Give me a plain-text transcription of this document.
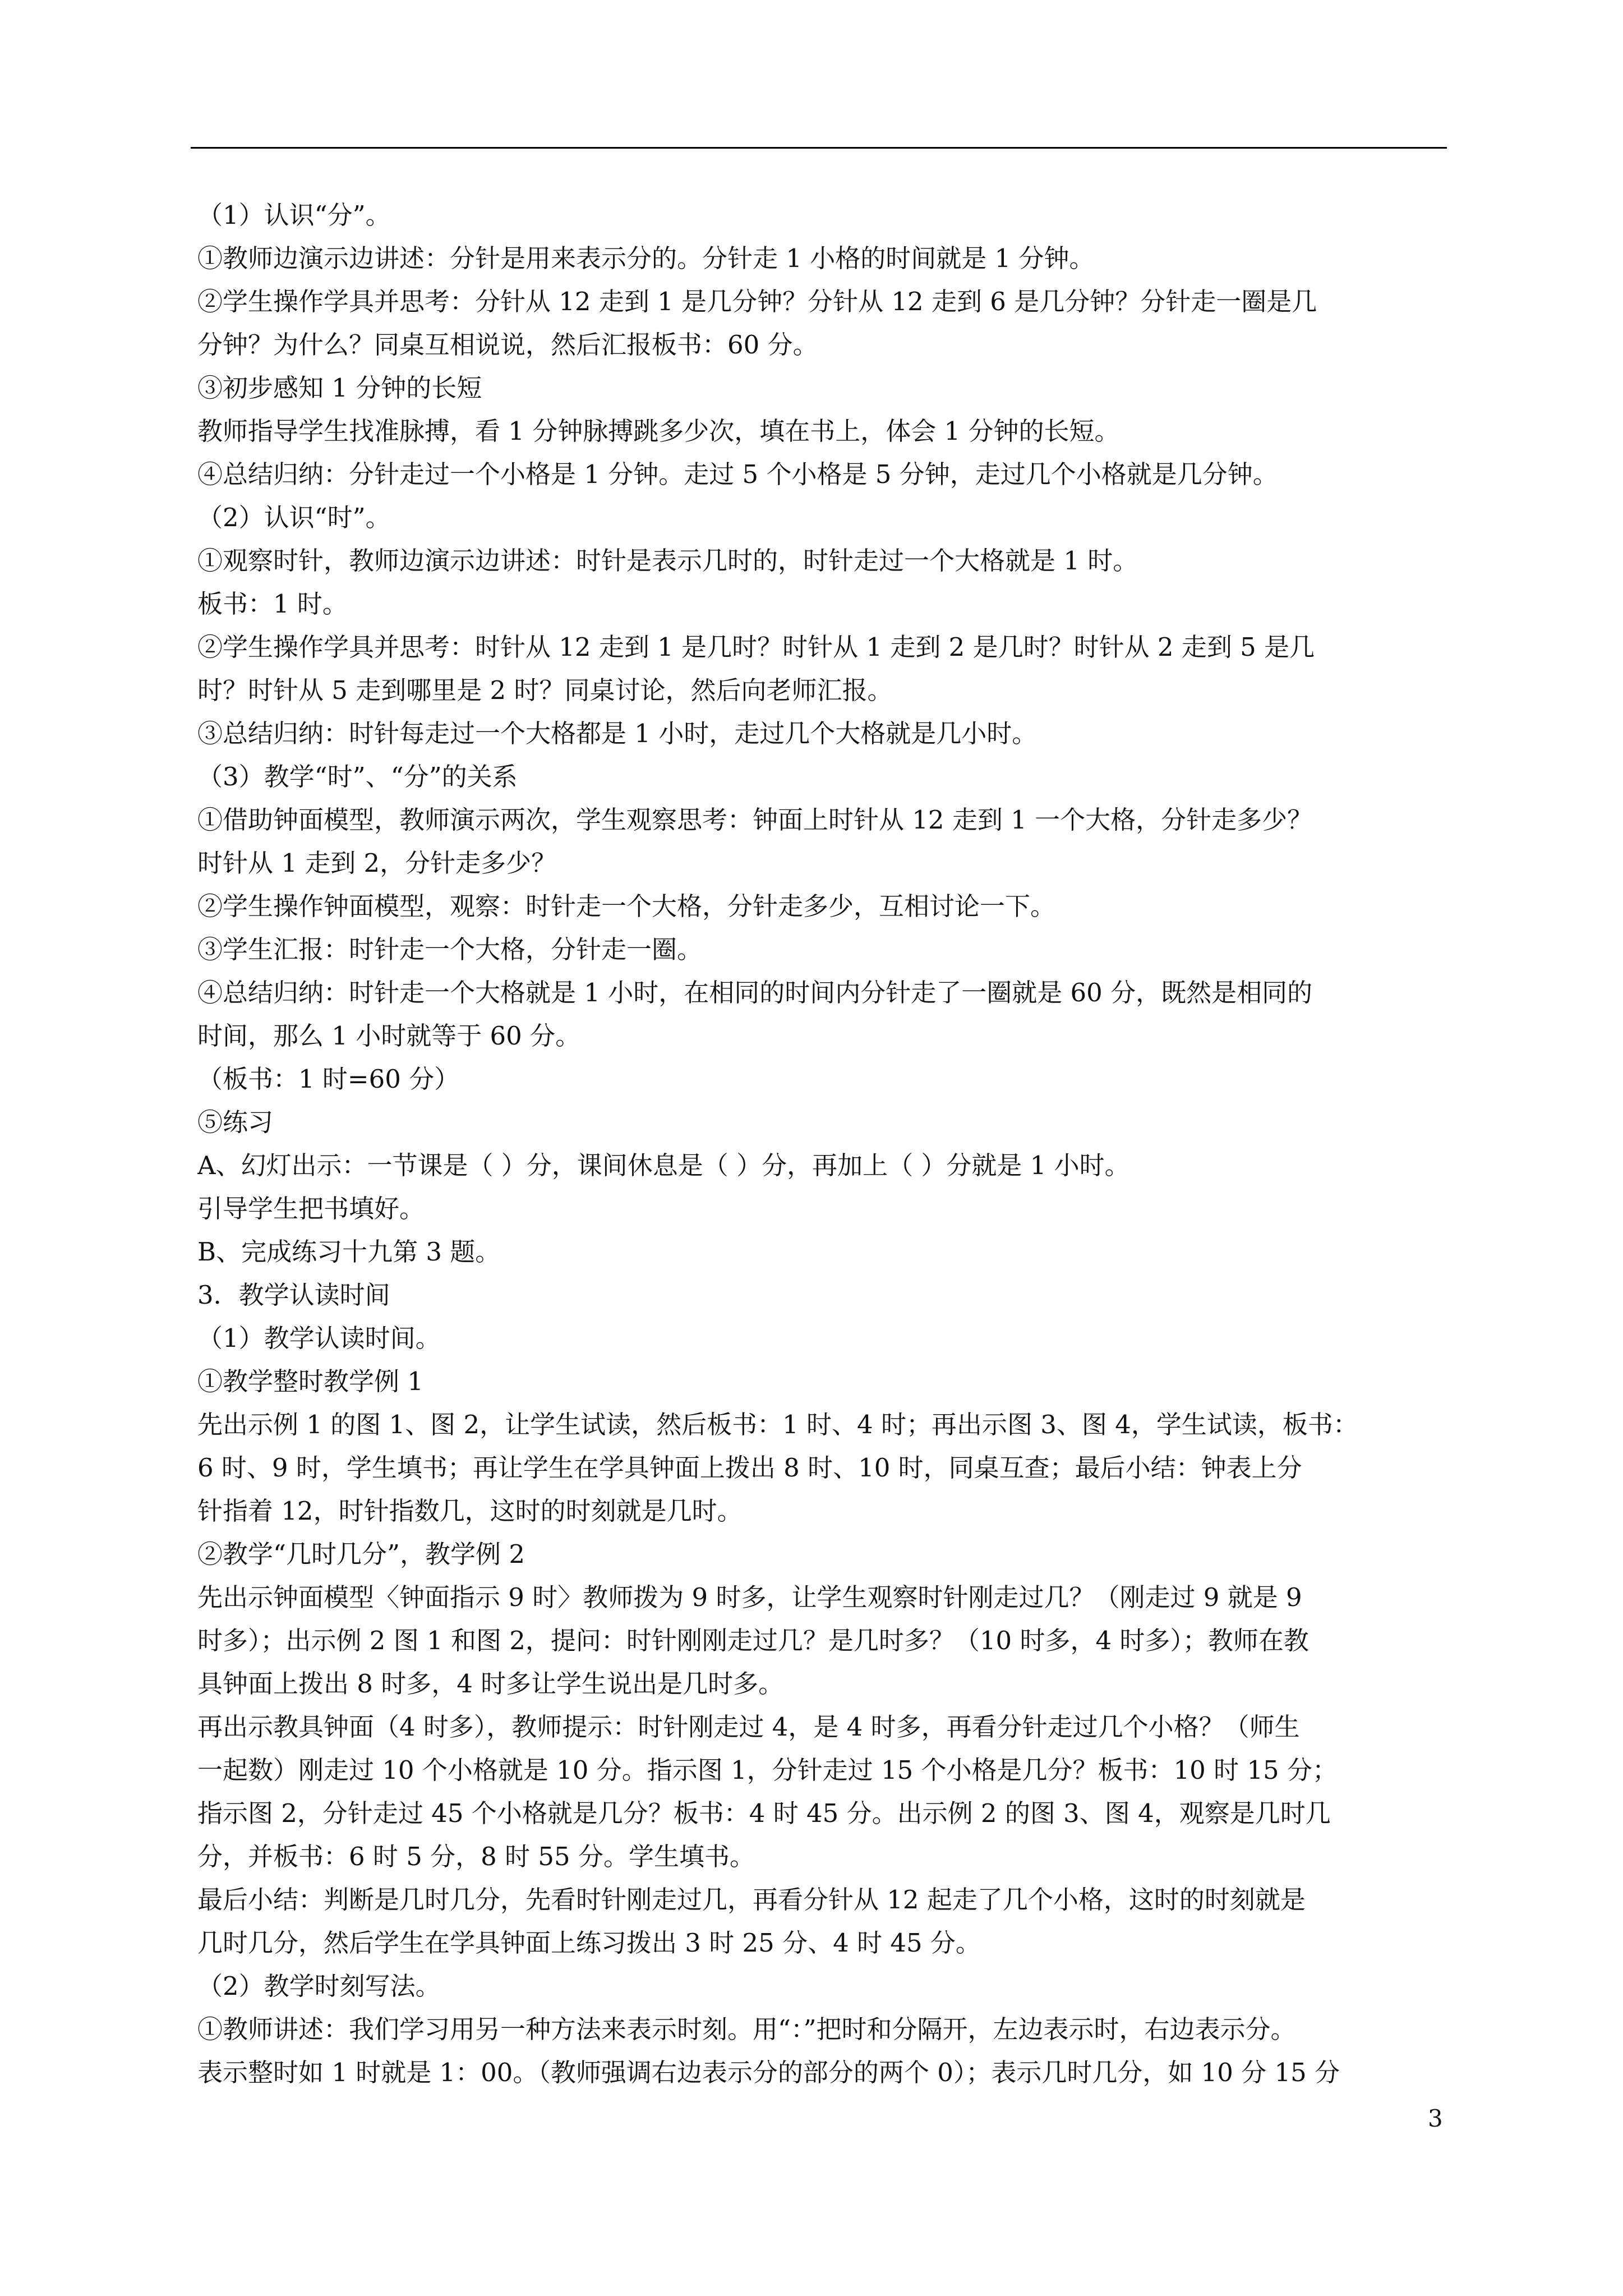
（1）认识“分”。
①教师边演示边讲述：分针是用来表示分的。分针走 1 小格的时间就是 1 分钟。
②学生操作学具并思考：分针从 12 走到 1 是几分钟？分针从 12 走到 6 是几分钟？分针走一圈是几
分钟？为什么？同桌互相说说，然后汇报板书：60 分。
③初步感知 1 分钟的长短
教师指导学生找准脉搏，看 1 分钟脉搏跳多少次，填在书上，体会 1 分钟的长短。
④总结归纳：分针走过一个小格是 1 分钟。走过 5 个小格是 5 分钟，走过几个小格就是几分钟。
（2）认识“时”。
①观察时针，教师边演示边讲述：时针是表示几时的，时针走过一个大格就是 1 时。
板书：1 时。
②学生操作学具并思考：时针从 12 走到 1 是几时？时针从 1 走到 2 是几时？时针从 2 走到 5 是几
时？时针从 5 走到哪里是 2 时？同桌讨论，然后向老师汇报。
③总结归纳：时针每走过一个大格都是 1 小时，走过几个大格就是几小时。
（3）教学“时”、“分”的关系
①借助钟面模型，教师演示两次，学生观察思考：钟面上时针从 12 走到 1 一个大格，分针走多少？
时针从 1 走到 2，分针走多少？
②学生操作钟面模型，观察：时针走一个大格，分针走多少，互相讨论一下。
③学生汇报：时针走一个大格，分针走一圈。
④总结归纳：时针走一个大格就是 1 小时，在相同的时间内分针走了一圈就是 60 分，既然是相同的
时间，那么 1 小时就等于 60 分。
（板书：1 时=60 分）
⑤练习
A、幻灯出示：一节课是（ ）分，课间休息是（ ）分，再加上（ ）分就是 1 小时。
引导学生把书填好。
B、完成练习十九第 3 题。
3．教学认读时间
（1）教学认读时间。
①教学整时教学例 1
先出示例 1 的图 1、图 2，让学生试读，然后板书：1 时、4 时；再出示图 3、图 4，学生试读，板书：
6 时、9 时，学生填书；再让学生在学具钟面上拨出 8 时、10 时，同桌互查；最后小结：钟表上分
针指着 12，时针指数几，这时的时刻就是几时。
②教学“几时几分”，教学例 2
先出示钟面模型〈钟面指示 9 时〉教师拨为 9 时多，让学生观察时针刚走过几？（刚走过 9 就是 9
时多）；出示例 2 图 1 和图 2，提问：时针刚刚走过几？是几时多？（10 时多，4 时多）；教师在教
具钟面上拨出 8 时多，4 时多让学生说出是几时多。
再出示教具钟面（4 时多），教师提示：时针刚走过 4，是 4 时多，再看分针走过几个小格？（师生
一起数）刚走过 10 个小格就是 10 分。指示图 1，分针走过 15 个小格是几分？板书：10 时 15 分；
指示图 2，分针走过 45 个小格就是几分？板书：4 时 45 分。出示例 2 的图 3、图 4，观察是几时几
分，并板书：6 时 5 分，8 时 55 分。学生填书。
最后小结：判断是几时几分，先看时针刚走过几，再看分针从 12 起走了几个小格，这时的时刻就是
几时几分，然后学生在学具钟面上练习拨出 3 时 25 分、4 时 45 分。
（2）教学时刻写法。
①教师讲述：我们学习用另一种方法来表示时刻。用“：”把时和分隔开，左边表示时，右边表示分。
表示整时如 1 时就是 1：00。（教师强调右边表示分的部分的两个 0）；表示几时几分，如 10 分 15 分
3
